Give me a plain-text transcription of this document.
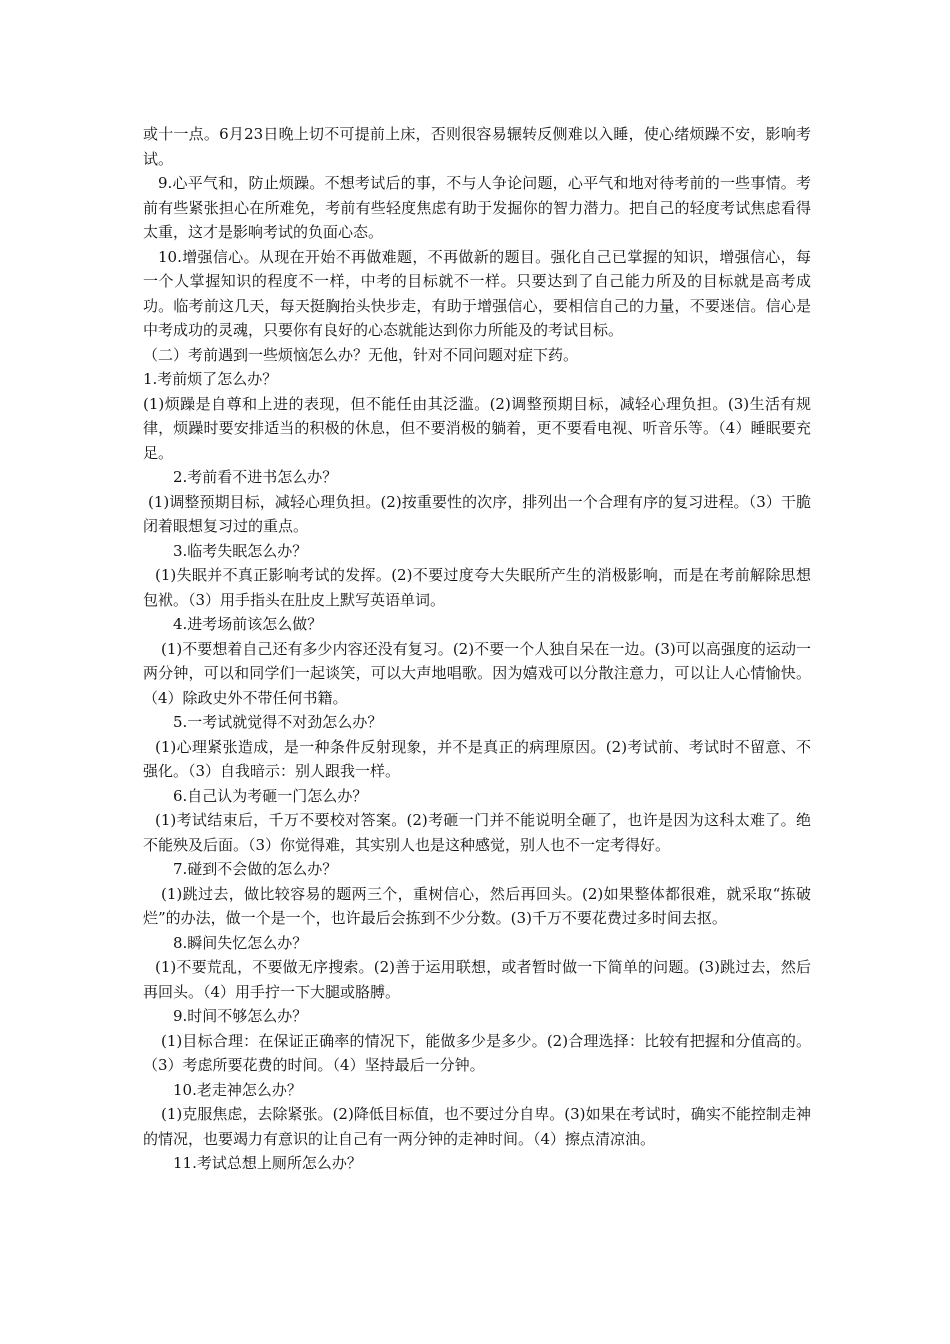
或十一点。6月23日晚上切不可提前上床，否则很容易辗转反侧难以入睡，使心绪烦躁不安，影响考试。

9.心平气和，防止烦躁。不想考试后的事，不与人争论问题，心平气和地对待考前的一些事情。考前有些紧张担心在所难免，考前有些轻度焦虑有助于发掘你的智力潜力。把自己的轻度考试焦虑看得太重，这才是影响考试的负面心态。

10.增强信心。从现在开始不再做难题，不再做新的题目。强化自己已掌握的知识，增强信心，每一个人掌握知识的程度不一样，中考的目标就不一样。只要达到了自己能力所及的目标就是高考成功。临考前这几天，每天挺胸抬头快步走，有助于增强信心，要相信自己的力量，不要迷信。信心是中考成功的灵魂，只要你有良好的心态就能达到你力所能及的考试目标。

（二）考前遇到一些烦恼怎么办？无他，针对不同问题对症下药。

1.考前烦了怎么办？

(1)烦躁是自尊和上进的表现，但不能任由其泛滥。(2)调整预期目标，减轻心理负担。(3)生活有规律，烦躁时要安排适当的积极的休息，但不要消极的躺着，更不要看电视、听音乐等。（4）睡眠要充足。

2.考前看不进书怎么办？

(1)调整预期目标，减轻心理负担。(2)按重要性的次序，排列出一个合理有序的复习进程。（3）干脆闭着眼想复习过的重点。

3.临考失眠怎么办？

(1)失眠并不真正影响考试的发挥。(2)不要过度夸大失眠所产生的消极影响，而是在考前解除思想包袱。（3）用手指头在肚皮上默写英语单词。

4.进考场前该怎么做？

(1)不要想着自己还有多少内容还没有复习。(2)不要一个人独自呆在一边。(3)可以高强度的运动一两分钟，可以和同学们一起谈笑，可以大声地唱歌。因为嬉戏可以分散注意力，可以让人心情愉快。（4）除政史外不带任何书籍。

5.一考试就觉得不对劲怎么办？

(1)心理紧张造成，是一种条件反射现象，并不是真正的病理原因。(2)考试前、考试时不留意、不强化。（3）自我暗示：别人跟我一样。

6.自己认为考砸一门怎么办？

(1)考试结束后，千万不要校对答案。(2)考砸一门并不能说明全砸了，也许是因为这科太难了。绝不能殃及后面。（3）你觉得难，其实别人也是这种感觉，别人也不一定考得好。

7.碰到不会做的怎么办？

(1)跳过去，做比较容易的题两三个，重树信心，然后再回头。(2)如果整体都很难，就采取“拣破烂”的办法，做一个是一个，也许最后会拣到不少分数。(3)千万不要花费过多时间去抠。

8.瞬间失忆怎么办？

(1)不要荒乱，不要做无序搜索。(2)善于运用联想，或者暂时做一下简单的问题。(3)跳过去，然后再回头。（4）用手拧一下大腿或胳膊。

9.时间不够怎么办？

(1)目标合理：在保证正确率的情况下，能做多少是多少。(2)合理选择：比较有把握和分值高的。（3）考虑所要花费的时间。（4）坚持最后一分钟。

10.老走神怎么办？

(1)克服焦虑，去除紧张。(2)降低目标值，也不要过分自卑。(3)如果在考试时，确实不能控制走神的情况，也要竭力有意识的让自己有一两分钟的走神时间。（4）擦点清凉油。

11.考试总想上厕所怎么办？
